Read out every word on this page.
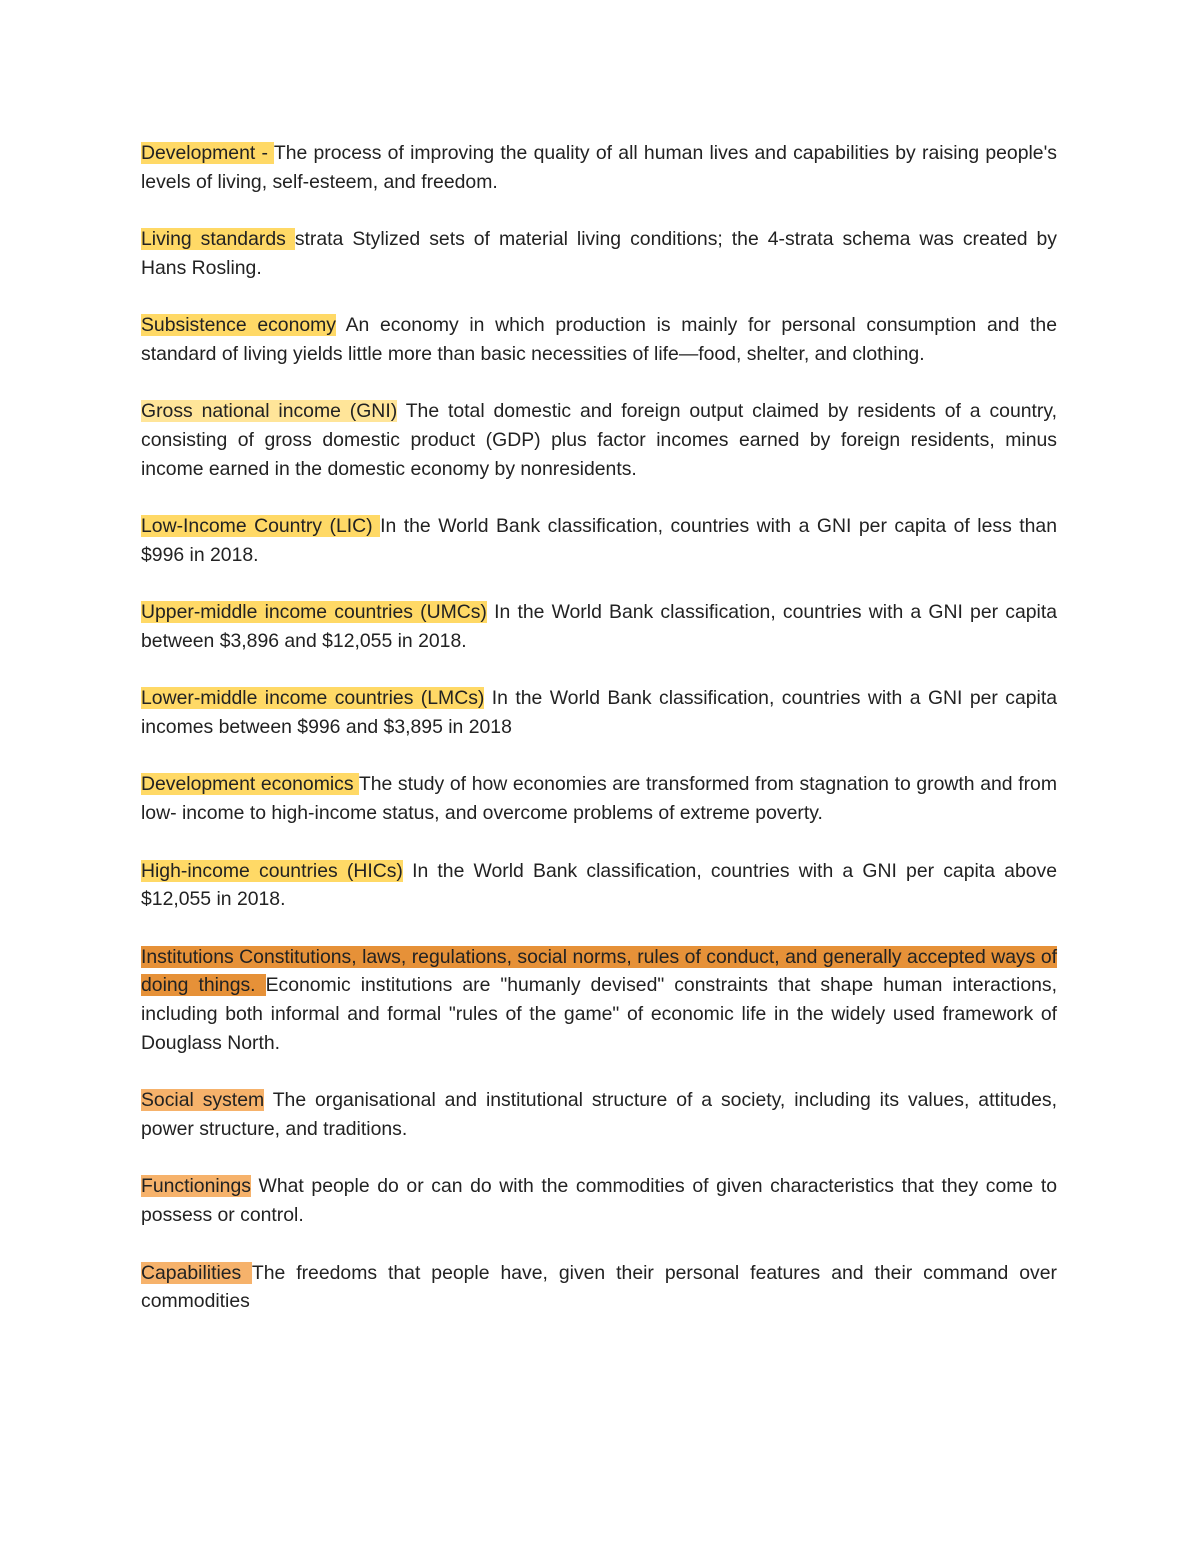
Development - The process of improving the quality of all human lives and capabilities by raising people's levels of living, self-esteem, and freedom.

Living standards strata Stylized sets of material living conditions; the 4-strata schema was created by Hans Rosling.

Subsistence economy An economy in which production is mainly for personal consumption and the standard of living yields little more than basic necessities of life—food, shelter, and clothing.

Gross national income (GNI) The total domestic and foreign output claimed by residents of a country, consisting of gross domestic product (GDP) plus factor incomes earned by foreign residents, minus income earned in the domestic economy by nonresidents.

Low-Income Country (LIC) In the World Bank classification, countries with a GNI per capita of less than $996 in 2018.

Upper-middle income countries (UMCs) In the World Bank classification, countries with a GNI per capita between $3,896 and $12,055 in 2018.

Lower-middle income countries (LMCs) In the World Bank classification, countries with a GNI per capita incomes between $996 and $3,895 in 2018

Development economics The study of how economies are transformed from stagnation to growth and from low- income to high-income status, and overcome problems of extreme poverty.

High-income countries (HICs) In the World Bank classification, countries with a GNI per capita above $12,055 in 2018.

Institutions Constitutions, laws, regulations, social norms, rules of conduct, and generally accepted ways of doing things. Economic institutions are "humanly devised" constraints that shape human interactions, including both informal and formal "rules of the game" of economic life in the widely used framework of Douglass North.

Social system The organisational and institutional structure of a society, including its values, attitudes, power structure, and traditions.

Functionings What people do or can do with the commodities of given characteristics that they come to possess or control.

Capabilities The freedoms that people have, given their personal features and their command over commodities
